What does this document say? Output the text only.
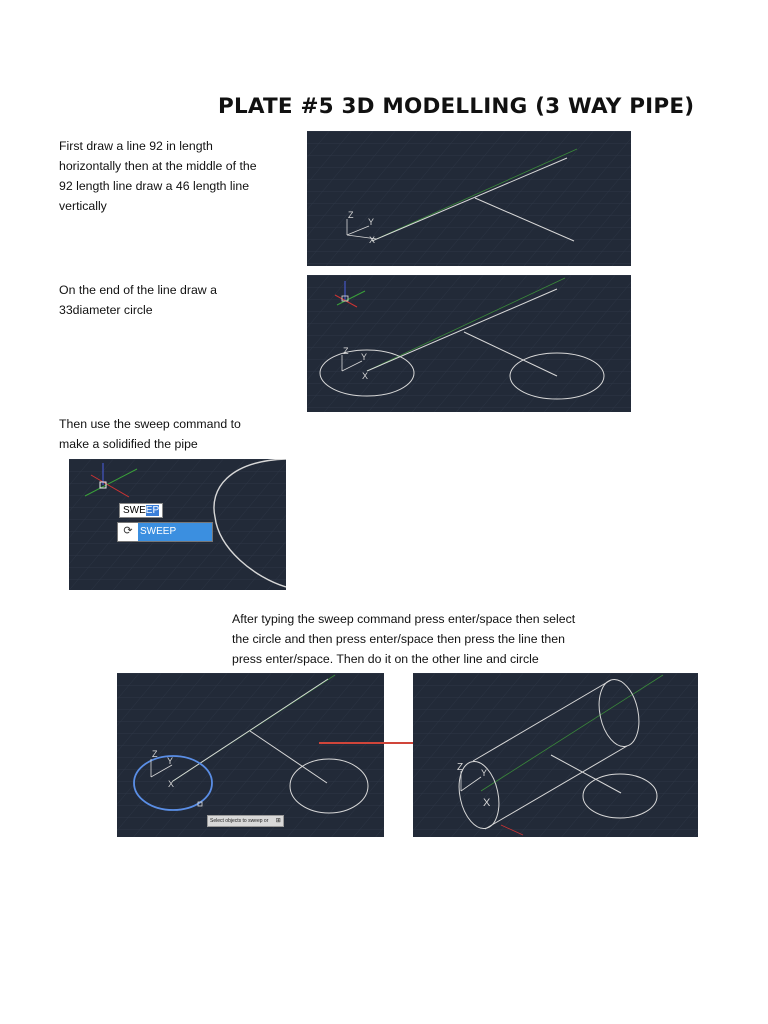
PLATE #5 3D MODELLING (3 WAY PIPE)
First draw a line 92 in length
horizontally then at the middle of the
92 length line draw a 46 length line
vertically
Z
Y
X
On the end of the line draw a
33diameter circle
Z
Y
X
Then use the sweep command to
make a solidified the pipe
SWEEP
⟳ SWEEP
After typing the sweep command press enter/space then select
the circle and then press enter/space then press the line then
press enter/space. Then do it on the other line and circle
Z
Y
X
Select objects to sweep or ⊞
Z Y
X
